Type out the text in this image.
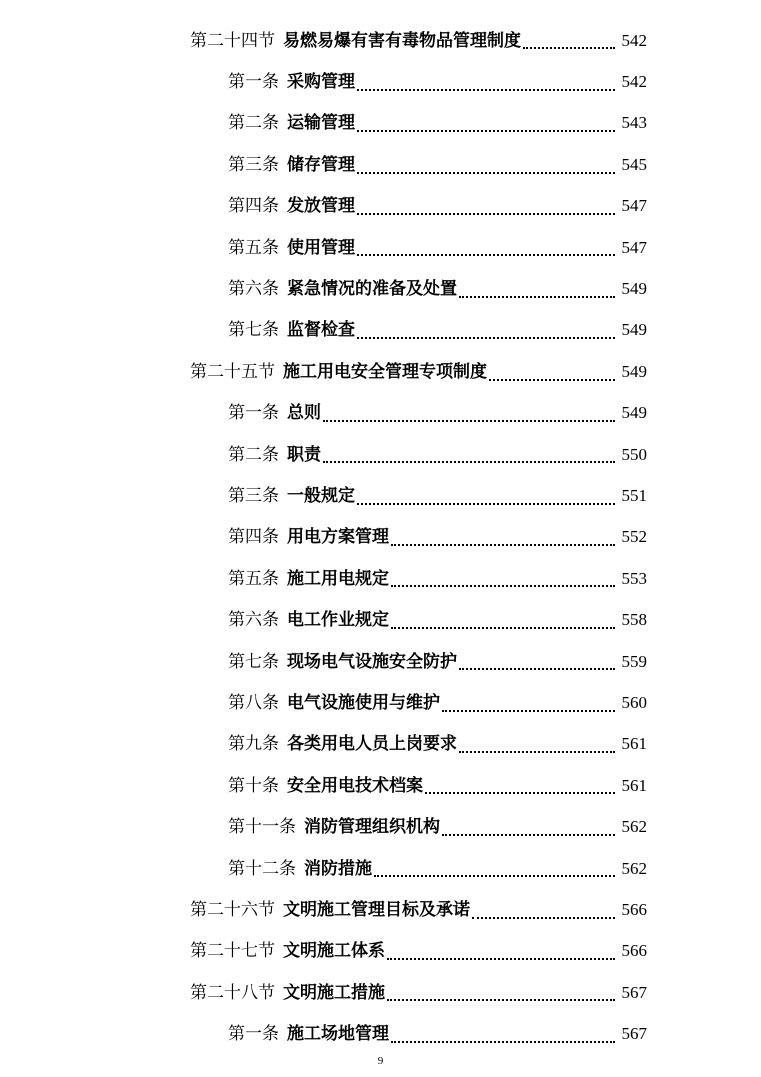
第二十四节 易燃易爆有害有毒物品管理制度	542
第一条 采购管理	542
第二条 运输管理	543
第三条 储存管理	545
第四条 发放管理	547
第五条 使用管理	547
第六条 紧急情况的准备及处置	549
第七条 监督检查	549
第二十五节 施工用电安全管理专项制度	549
第一条 总则	549
第二条 职责	550
第三条 一般规定	551
第四条 用电方案管理	552
第五条 施工用电规定	553
第六条 电工作业规定	558
第七条 现场电气设施安全防护	559
第八条 电气设施使用与维护	560
第九条 各类用电人员上岗要求	561
第十条 安全用电技术档案	561
第十一条 消防管理组织机构	562
第十二条 消防措施	562
第二十六节 文明施工管理目标及承诺	566
第二十七节 文明施工体系	566
第二十八节 文明施工措施	567
第一条 施工场地管理	567
9
